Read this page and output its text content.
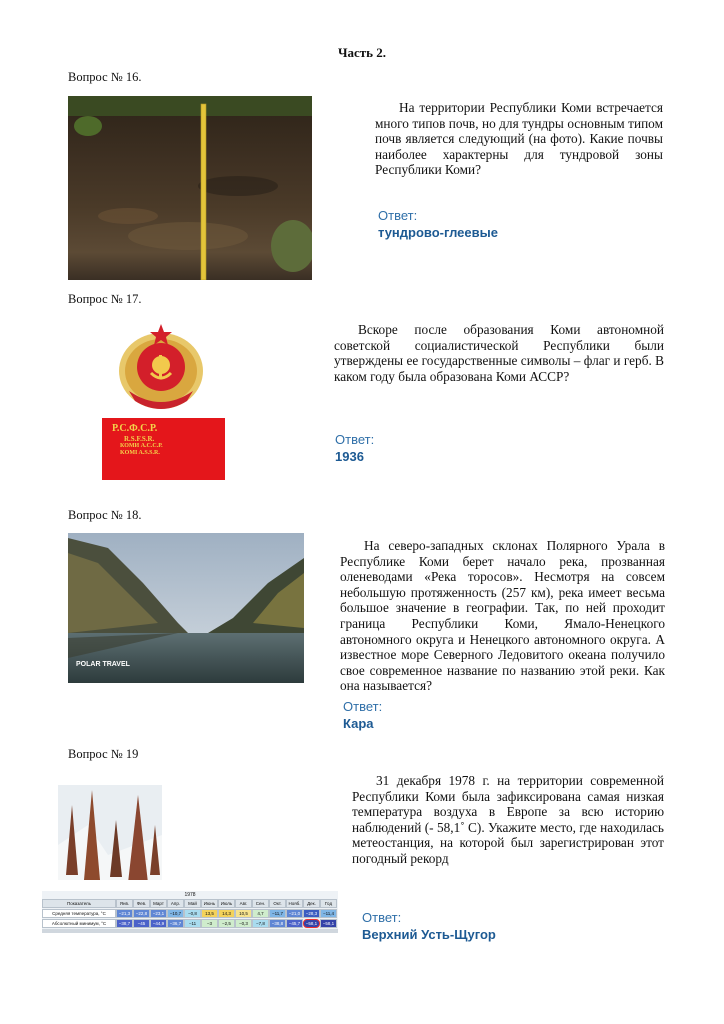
Часть 2.
Вопрос № 16.
На территории Республики Коми встречается много типов почв, но для тундры основным типом почв является следующий (на фото). Какие почвы наиболее характерны для тундровой зоны Республики Коми?
Ответ:
тундрово-глеевые
Вопрос № 17.
Р.С.Ф.С.Р.
R.S.F.S.R.
КОМИ А.С.С.Р.
KOMI A.S.S.R.
Вскоре после образования Коми автономной советской социалистической Республики были утверждены ее государственные символы – флаг и герб. В каком году была образована Коми АССР?
Ответ:
1936
Вопрос № 18.
POLAR TRAVEL
На северо-западных склонах Полярного Урала в Республике Коми берет начало река, прозванная оленеводами «Река торосов». Несмотря на совсем небольшую протяженность (257 км), река имеет весьма большое значение в географии. Так, по ней проходит граница Республики Коми, Ямало-Ненецкого автономного округа и Ненецкого автономного округа. А известное море Северного Ледовитого океана получило свое современное название по названию этой реки. Как она называется?
Ответ:
Кара
Вопрос № 19
1978
Показатель	Янв.	Фев.	Март	Апр.	Май	Июнь	Июль	Авг.	Сен.	Окт.	Нояб.	Дек.	Год
Средняя температура, °C	−21,3	−22,8	−23,1	−10,7	−0,8	13,5	14,3	10,5	4,7	−11,7	−21,0	−28,3	−11,4
Абсолютный минимум, °C	−38,7	−45	−44,9	−36,7	−11	−3	−2,5	−0,3	−7,8	−38,8	−45,7	−58,1	−58,1
31 декабря 1978 г. на территории современной Республики Коми была зафиксирована самая низкая температура воздуха в Европе за всю историю наблюдений (- 58,1˚ С). Укажите место, где находилась метеостанция, на которой был зарегистрирован этот погодный рекорд
Ответ:
Верхний Усть-Щугор
